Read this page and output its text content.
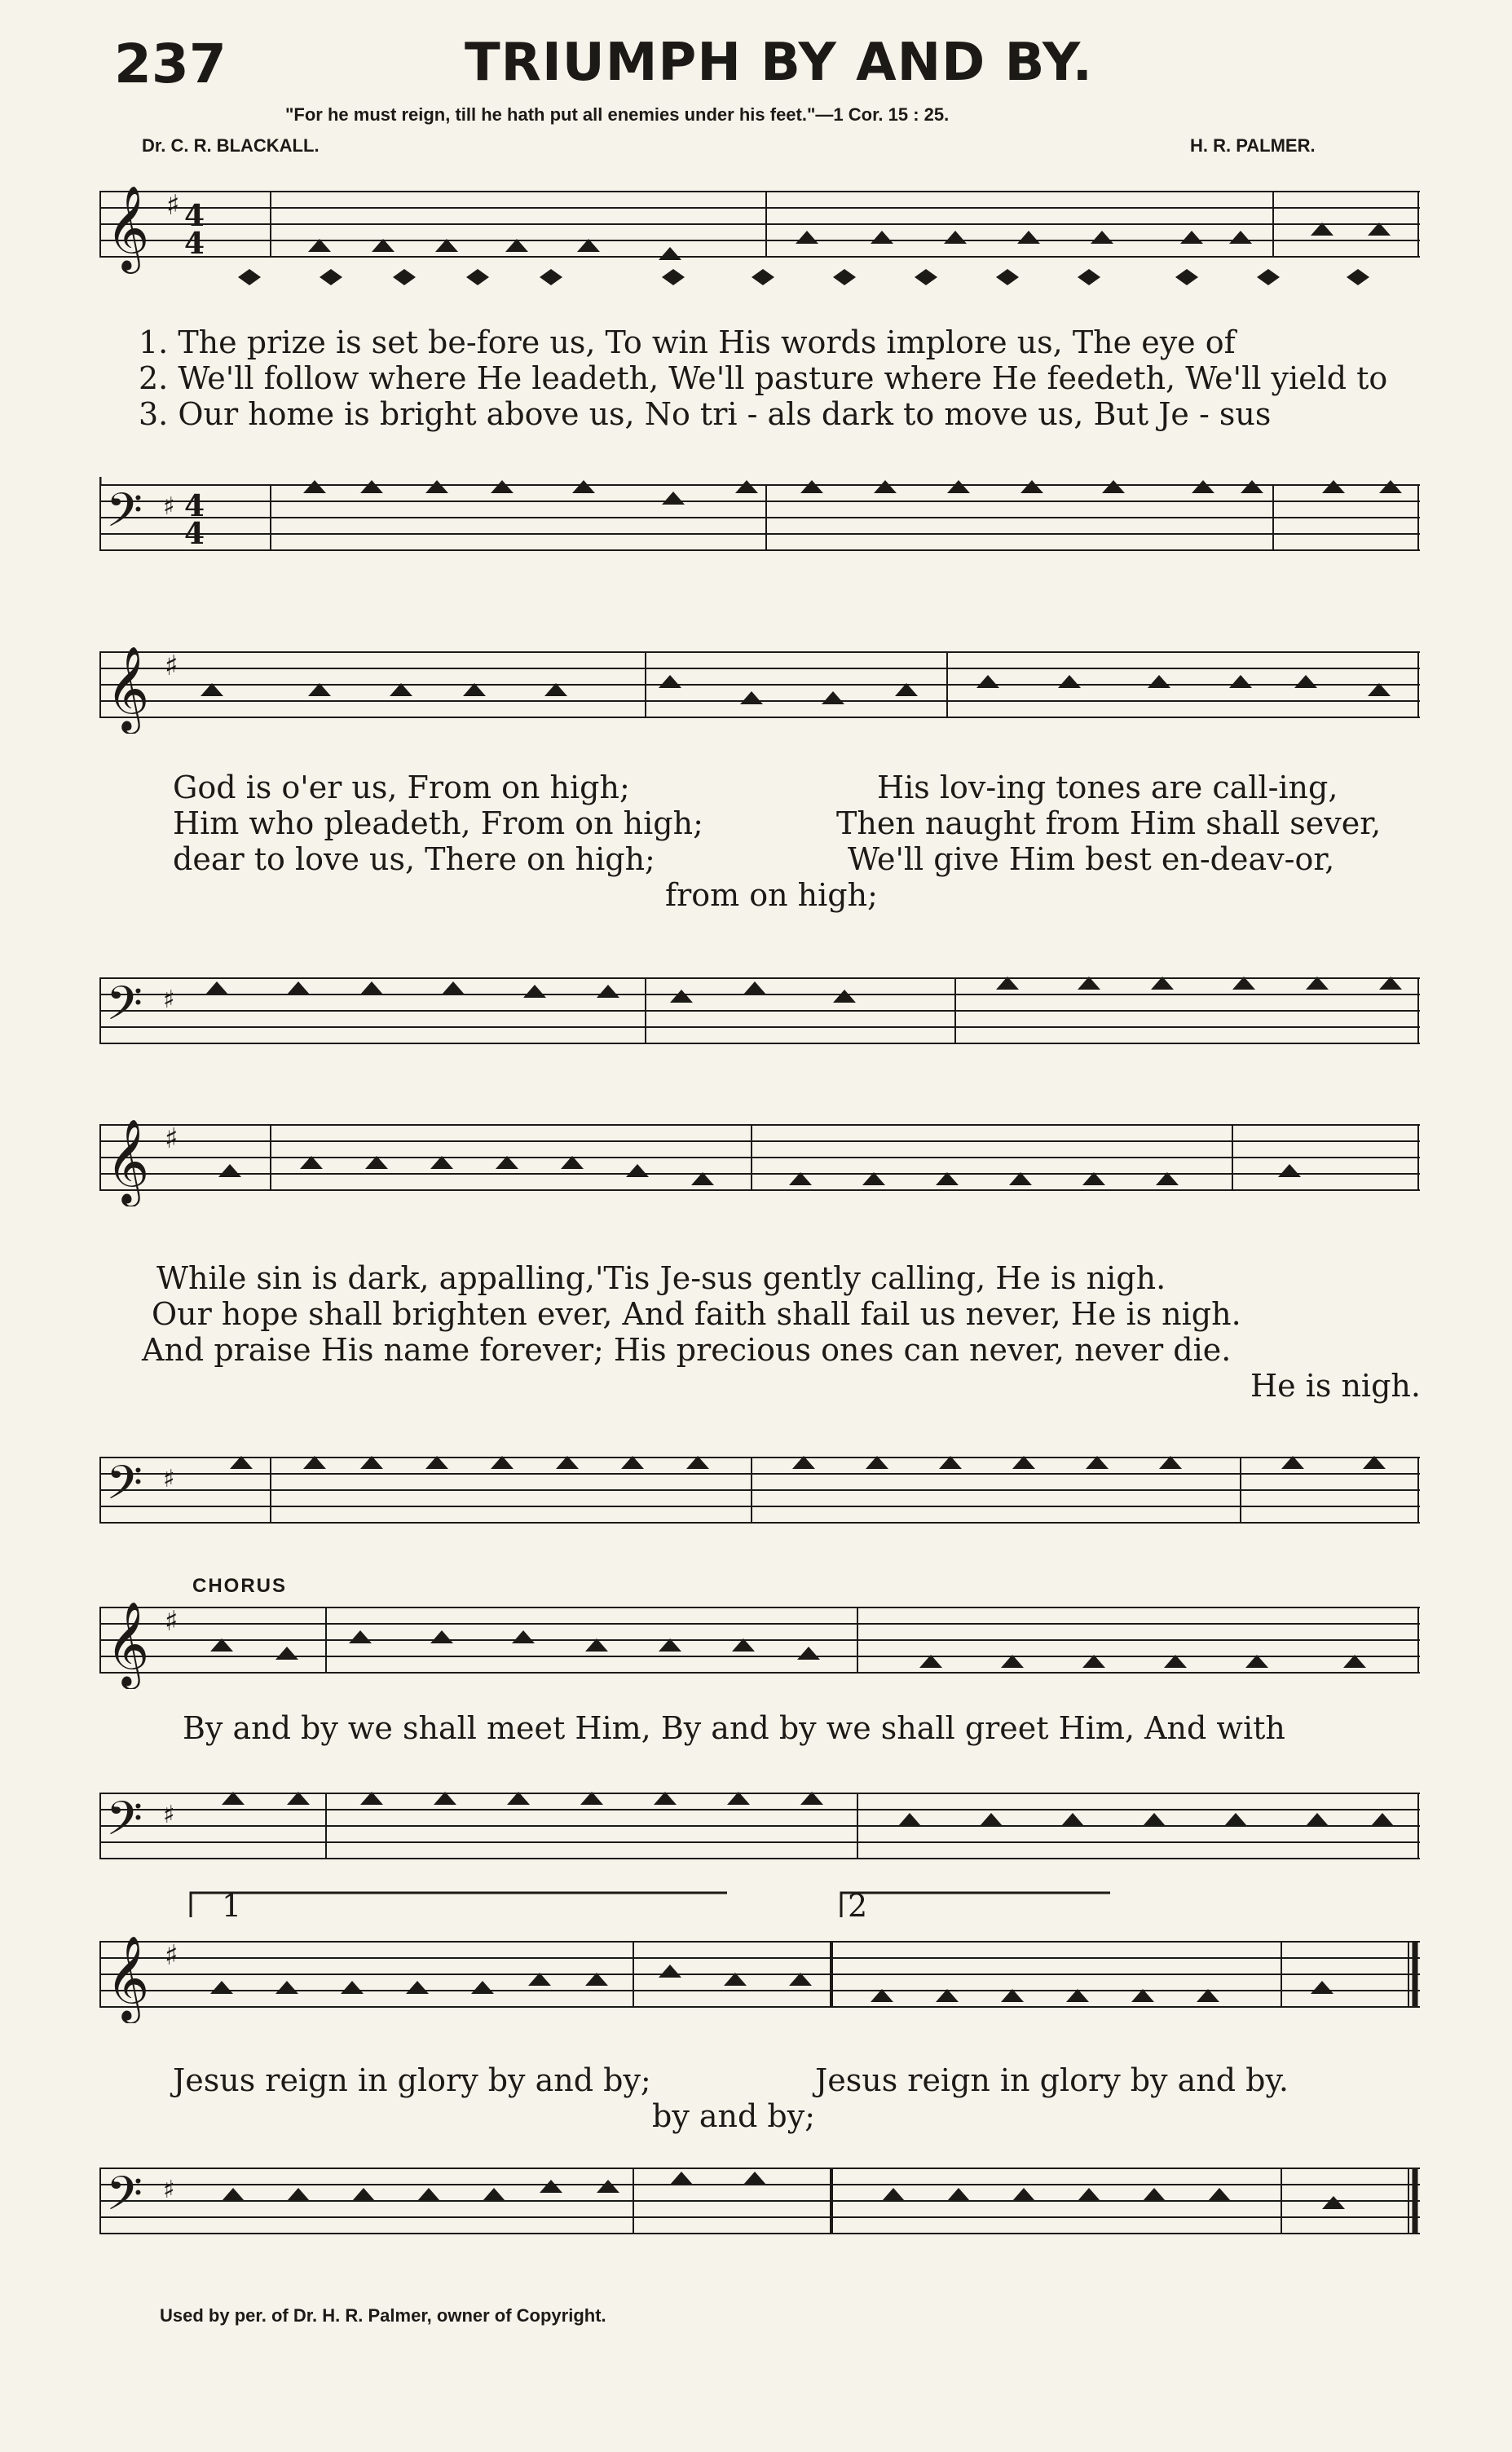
237	TRIUMPH BY AND BY.
"For he must reign, till he hath put all enemies under his feet."—1 Cor. 15 : 25.
Dr. C. R. BLACKALL.	H. R. PALMER.
𝄞 4
4
♯
1. The prize is set be-fore us, To win His words implore us, The eye of
2. We'll follow where He leadeth, We'll pasture where He feedeth, We'll yield to
3. Our home is bright above us, No tri - als dark to move us, But Je - sus
𝄢 ♯ 4
4
𝄞 ♯
God is o'er us, From on high;
Him who pleadeth, From on high;
dear to love us, There on high;
His lov-ing tones are call-ing,
Then naught from Him shall sever,
We'll give Him best en-deav-or,
from on high;
𝄢 ♯
𝄞 ♯
While sin is dark, appalling,'Tis Je-sus gently calling, He is nigh.
Our hope shall brighten ever, And faith shall fail us never, He is nigh.
And praise His name forever; His precious ones can never, never die.
He is nigh.
𝄢 ♯
CHORUS
𝄞 ♯
By and by we shall meet Him, By and by we shall greet Him, And with
𝄢 ♯
1	2
𝄞 ♯
Jesus reign in glory by and by;	Jesus reign in glory by and by.
by and by;
𝄢 ♯
Used by per. of Dr. H. R. Palmer, owner of Copyright.
